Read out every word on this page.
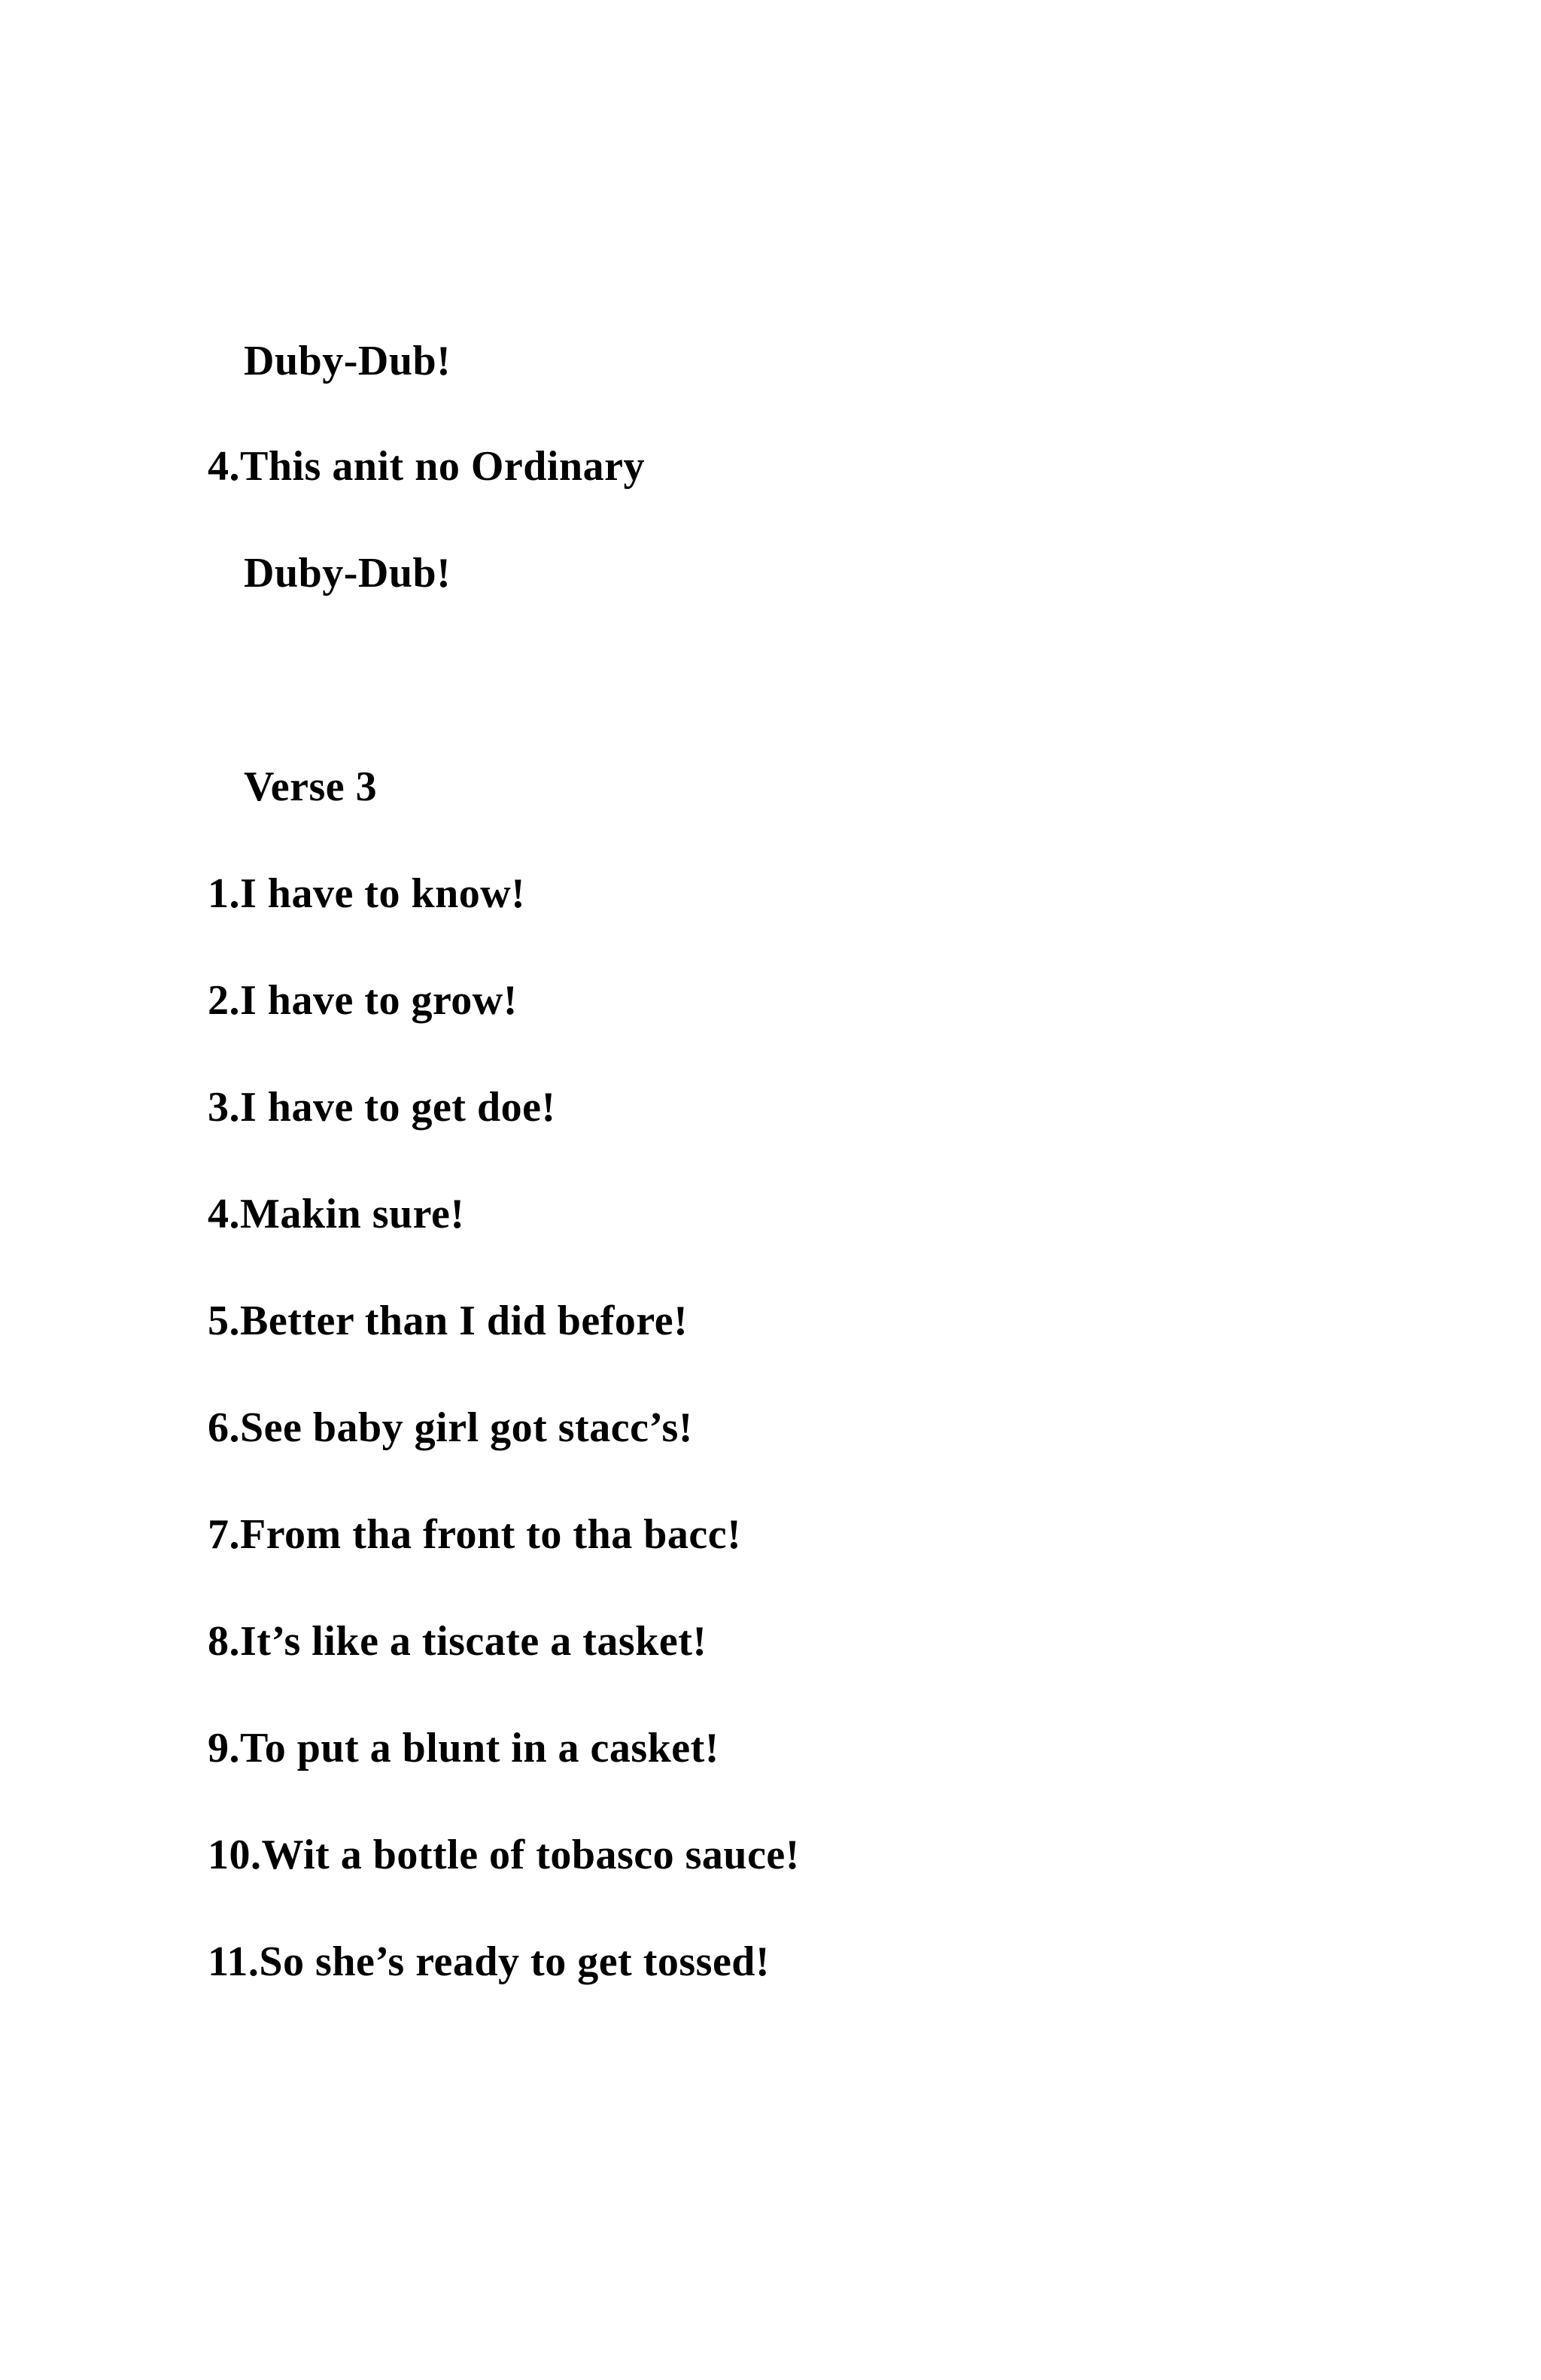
Duby-Dub!
4.This anit no Ordinary
Duby-Dub!
Verse 3
1.I have to know!
2.I have to grow!
3.I have to get doe!
4.Makin sure!
5.Better than I did before!
6.See baby girl got stacc’s!
7.From tha front to tha bacc!
8.It’s like a tiscate a tasket!
9.To put a blunt in a casket!
10.Wit a bottle of tobasco sauce!
11.So she’s ready to get tossed!
